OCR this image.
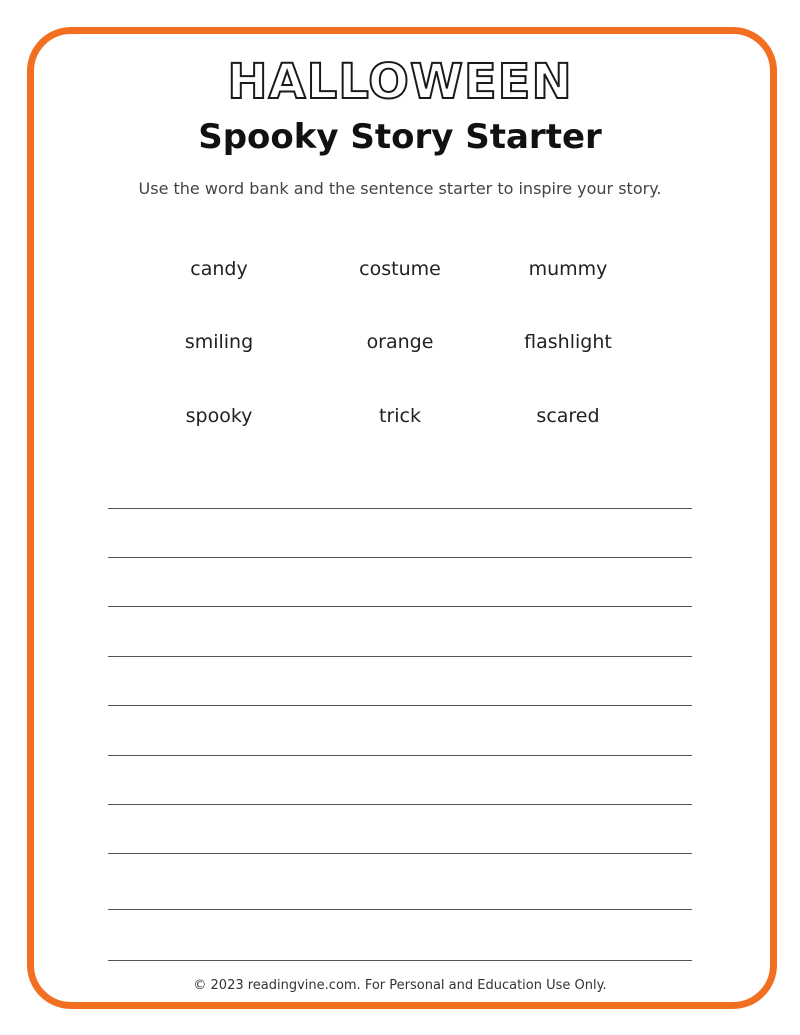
HALLOWEEN
Spooky Story Starter
Use the word bank and the sentence starter to inspire your story.
candy	costume	mummy
smiling	orange	flashlight
spooky	trick	scared
© 2023 readingvine.com. For Personal and Education Use Only.
